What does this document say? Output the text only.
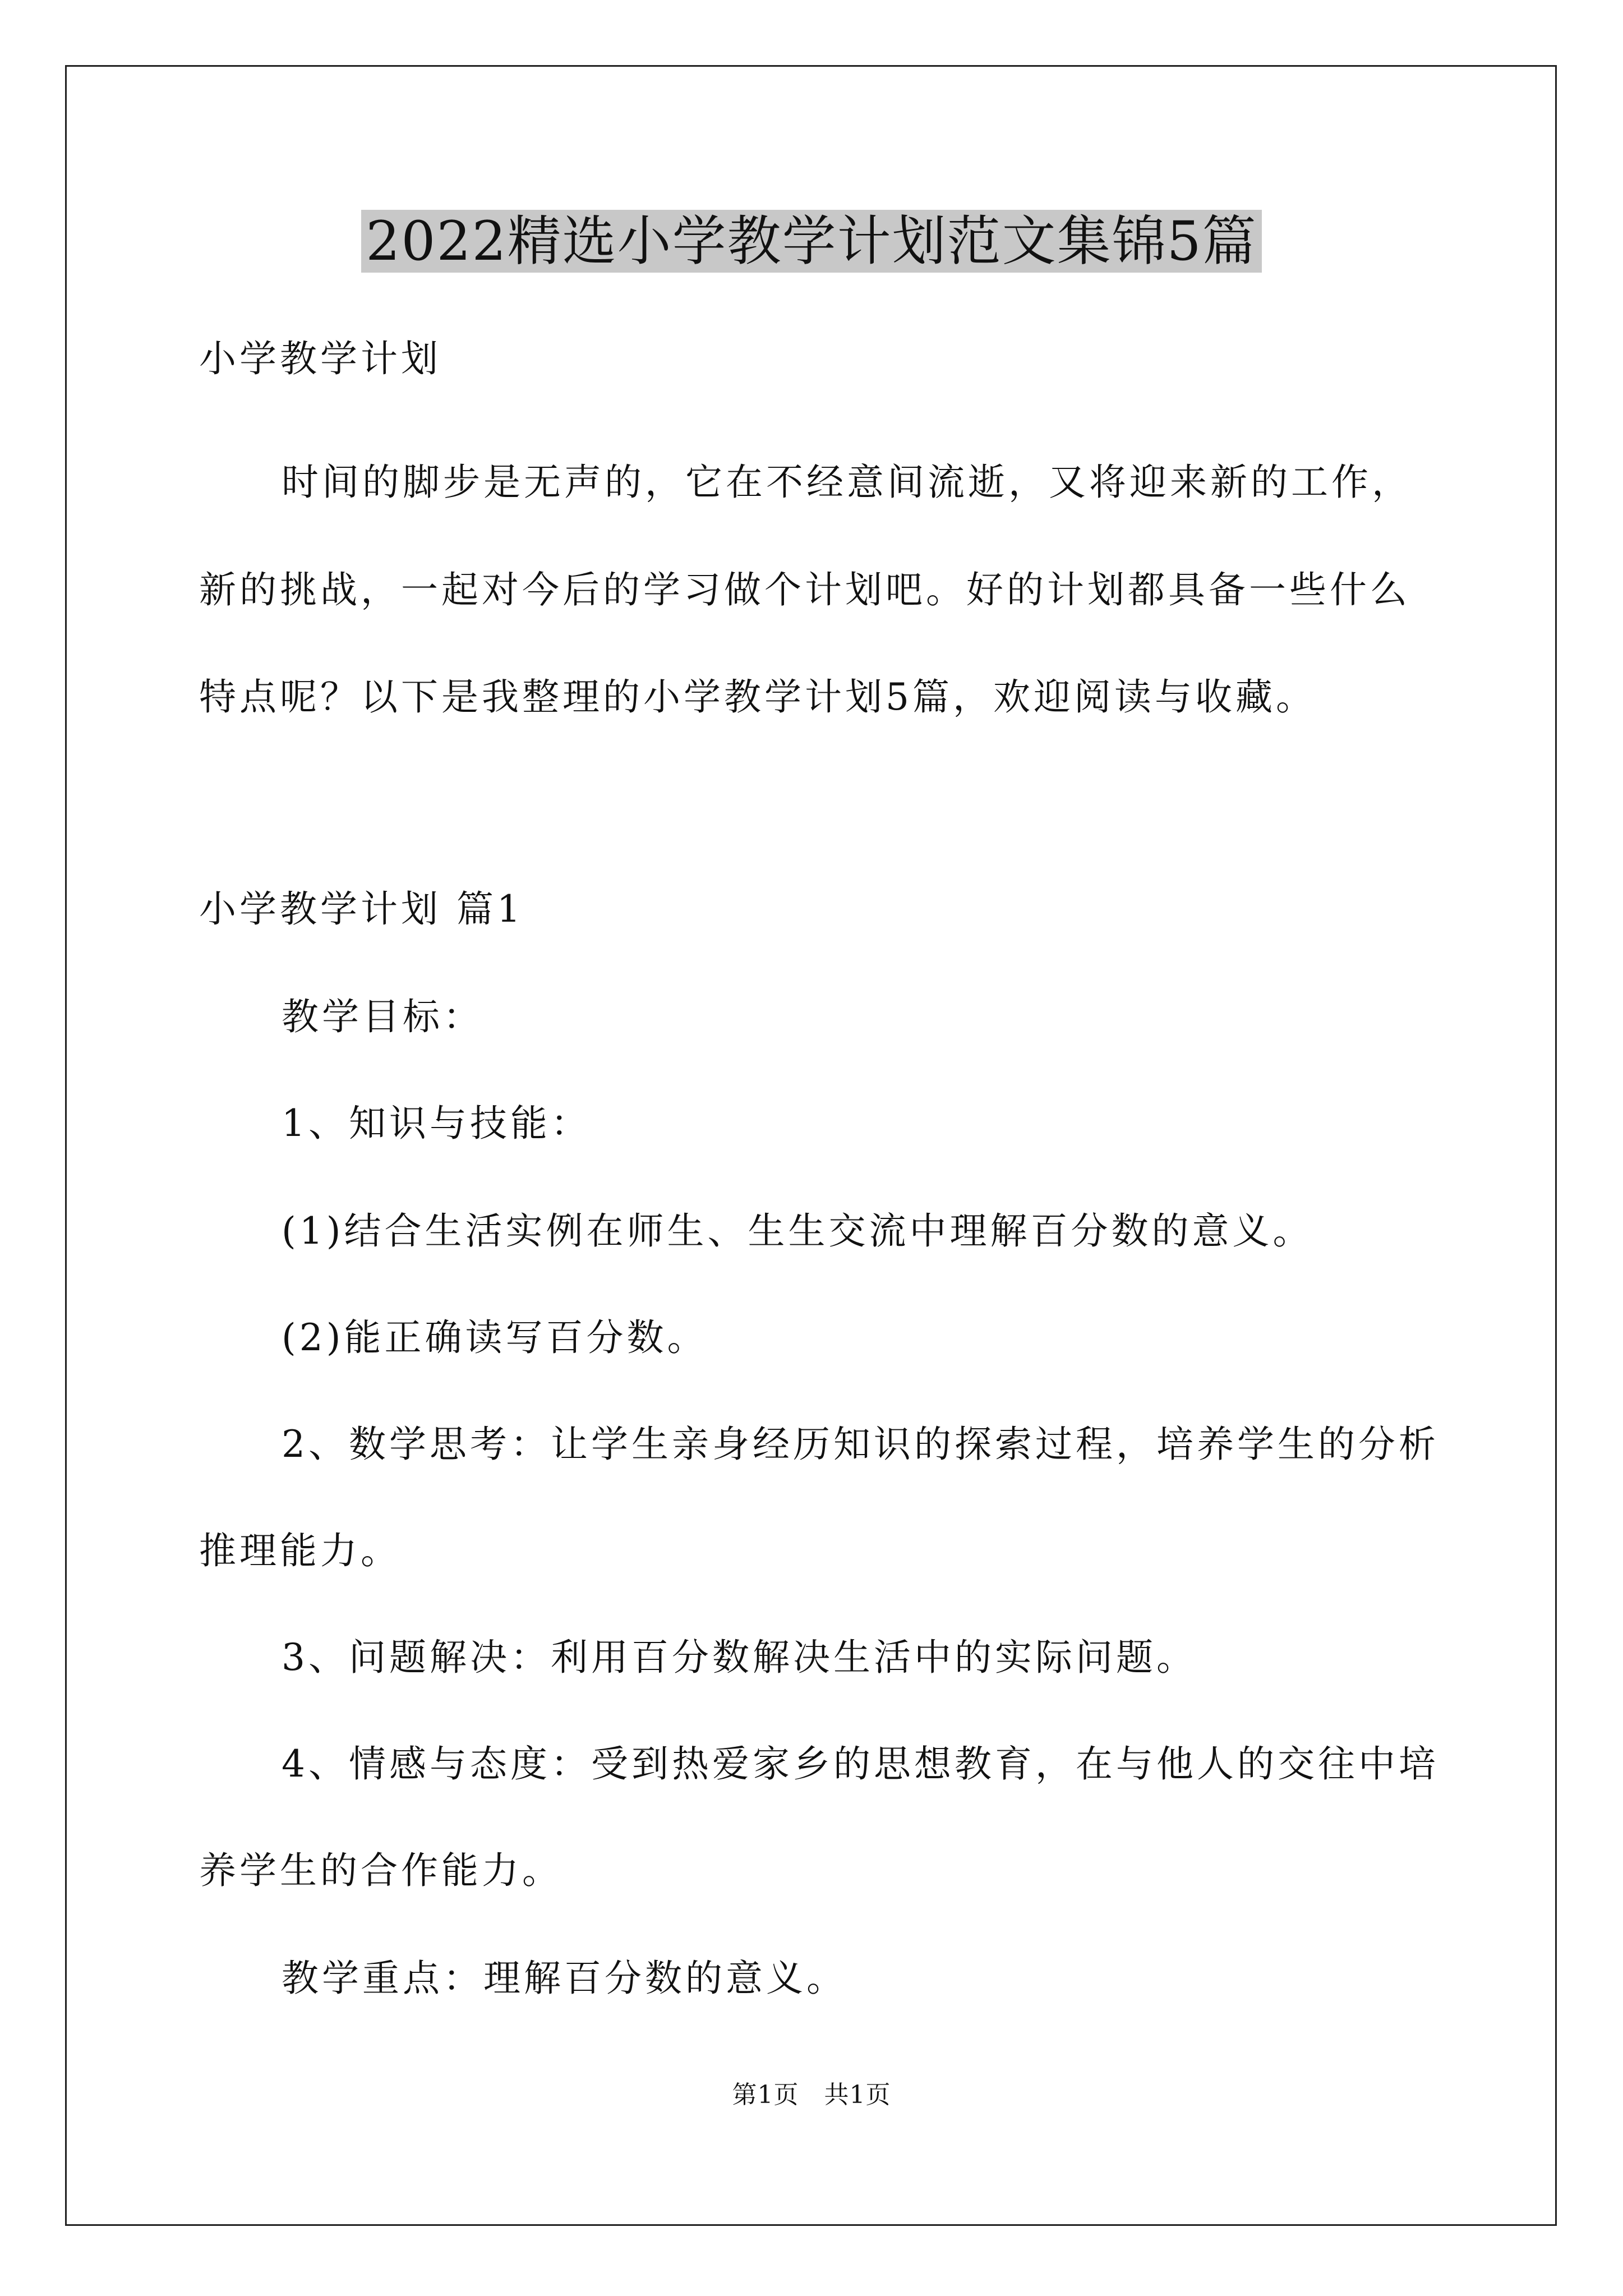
2022精选小学教学计划范文集锦5篇
小学教学计划
时间的脚步是无声的，它在不经意间流逝，又将迎来新的工作，
新的挑战，一起对今后的学习做个计划吧。好的计划都具备一些什么
特点呢？以下是我整理的小学教学计划5篇，欢迎阅读与收藏。
小学教学计划 篇1
教学目标：
1、知识与技能：
(1)结合生活实例在师生、生生交流中理解百分数的意义。
(2)能正确读写百分数。
2、数学思考：让学生亲身经历知识的探索过程，培养学生的分析
推理能力。
3、问题解决：利用百分数解决生活中的实际问题。
4、情感与态度：受到热爱家乡的思想教育，在与他人的交往中培
养学生的合作能力。
教学重点：理解百分数的意义。
第1页　共1页
